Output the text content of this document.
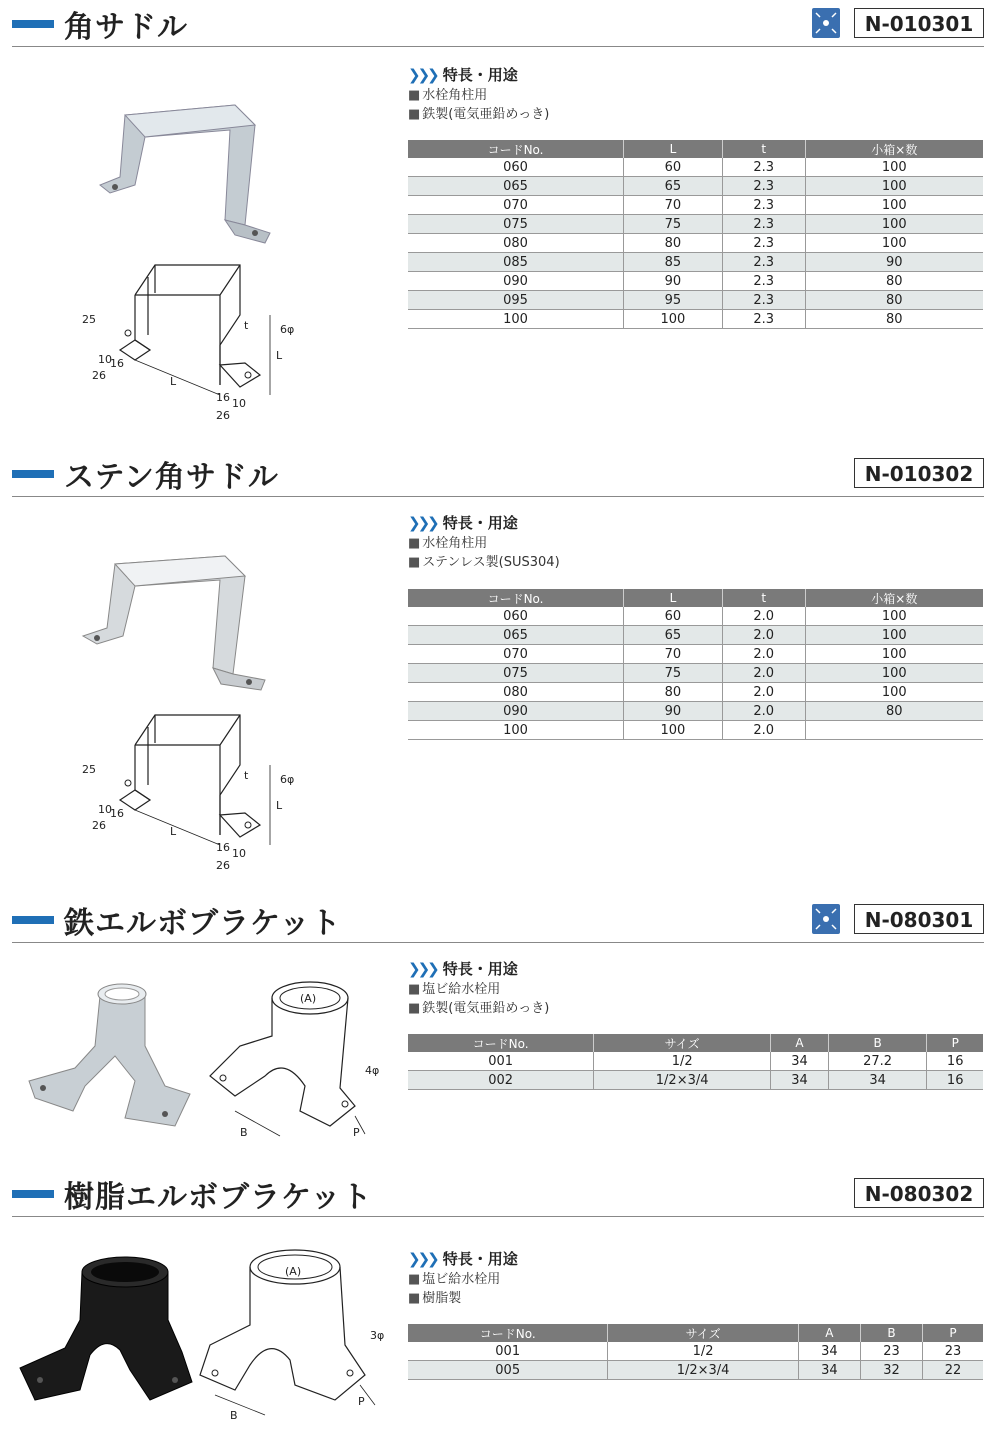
角サドル	N-010301
25
10
16
26	L
t	6φ
L
16 10
26
❯❯❯ 特長・用途
■ 水栓角柱用
■ 鉄製(電気亜鉛めっき)
コードNo.	L	t	小箱×数
060	60	2.3	100
065	65	2.3	100
070	70	2.3	100
075	75	2.3	100
080	80	2.3	100
085	85	2.3	90
090	90	2.3	80
095	95	2.3	80
100	100	2.3	80
ステン角サドル	N-010302
25
10
16
26	L
t	6φ
L
16 10
26
❯❯❯ 特長・用途
■ 水栓角柱用
■ ステンレス製(SUS304)
コードNo.	L	t	小箱×数
060	60	2.0	100
065	65	2.0	100
070	70	2.0	100
075	75	2.0	100
080	80	2.0	100
090	90	2.0	80
100	100	2.0	
鉄エルボブラケット	N-080301
(A)
4φ
B	P
❯❯❯ 特長・用途
■ 塩ビ給水栓用
■ 鉄製(電気亜鉛めっき)
コードNo.	サイズ	A	B	P
001	1/2	34	27.2	16
002	1/2×3/4	34	34	16
樹脂エルボブラケット	N-080302
(A)
3φ
B
P
❯❯❯ 特長・用途
■ 塩ビ給水栓用
■ 樹脂製
コードNo.	サイズ	A	B	P
001	1/2	34	23	23
005	1/2×3/4	34	32	22
